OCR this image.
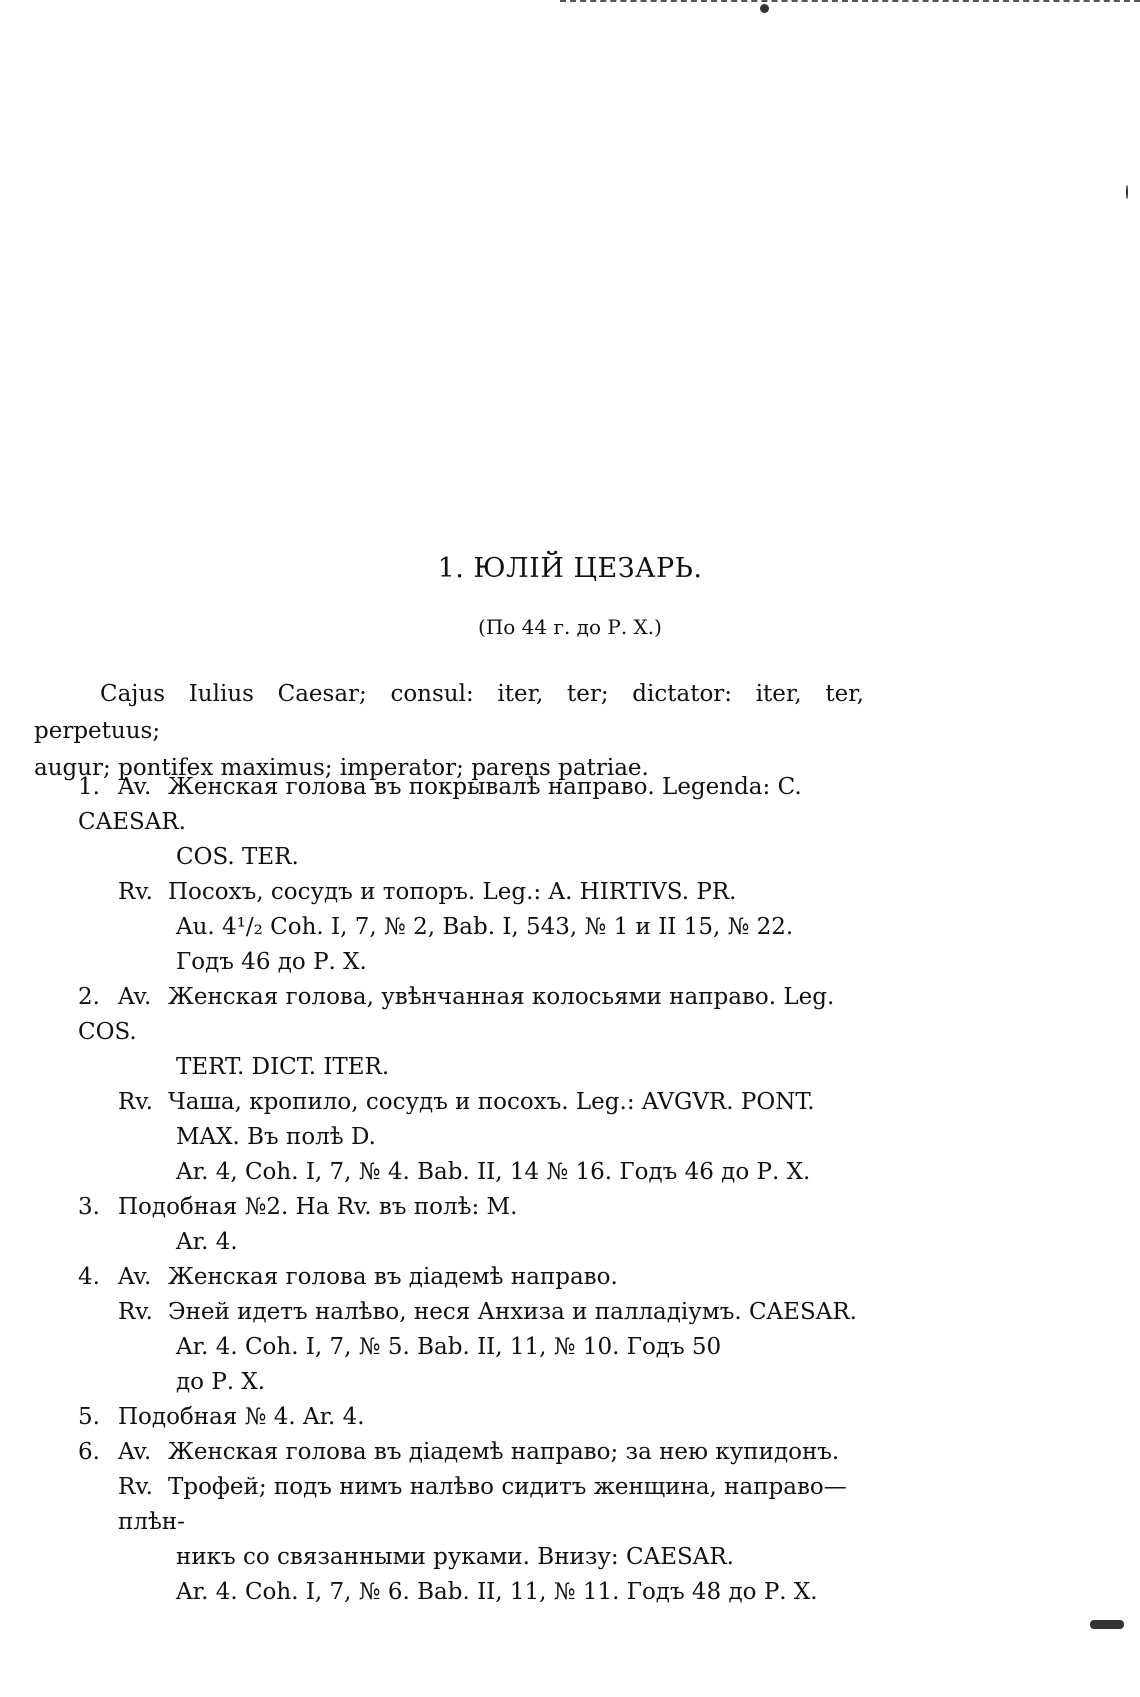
1. ЮЛІЙ ЦЕЗАРЬ.
(По 44 г. до Р. X.)
Cajus Iulius Caesar; consul: iter, ter; dictator: iter, ter, perpetuus;
augur; pontifex maximus; imperator; parens patriae.
1. Av. Женская голова въ покрывалѣ направо. Legenda: C. CAESAR.
COS. TER.
Rv. Посохъ, сосудъ и топоръ. Leg.: A. HIRTIVS. PR.
Au. 4¹/₂ Coh. I, 7, № 2, Bab. I, 543, № 1 и II 15, № 22.
Годъ 46 до Р. X.
2. Av. Женская голова, увѣнчанная колосьями направо. Leg. COS.
TERT. DICT. ITER.
Rv. Чаша, кропило, сосудъ и посохъ. Leg.: AVGVR. PONT.
MAX. Въ полѣ D.
Ar. 4, Coh. I, 7, № 4. Bab. II, 14 № 16. Годъ 46 до Р. X.
3. Подобная №2. На Rv. въ полѣ: M.
Ar. 4.
4. Av. Женская голова въ діадемѣ направо.
Rv. Эней идетъ налѣво, неся Анхиза и палладіумъ. CAESAR.
Ar. 4. Coh. I, 7, № 5. Bab. II, 11, № 10. Годъ 50
до Р. X.
5. Подобная № 4. Ar. 4.
6. Av. Женская голова въ діадемѣ направо; за нею купидонъ.
Rv. Трофей; подъ нимъ налѣво сидитъ женщина, направо—плѣн-
никъ со связанными руками. Внизу: CAESAR.
Ar. 4. Coh. I, 7, № 6. Bab. II, 11, № 11. Годъ 48 до Р. X.
